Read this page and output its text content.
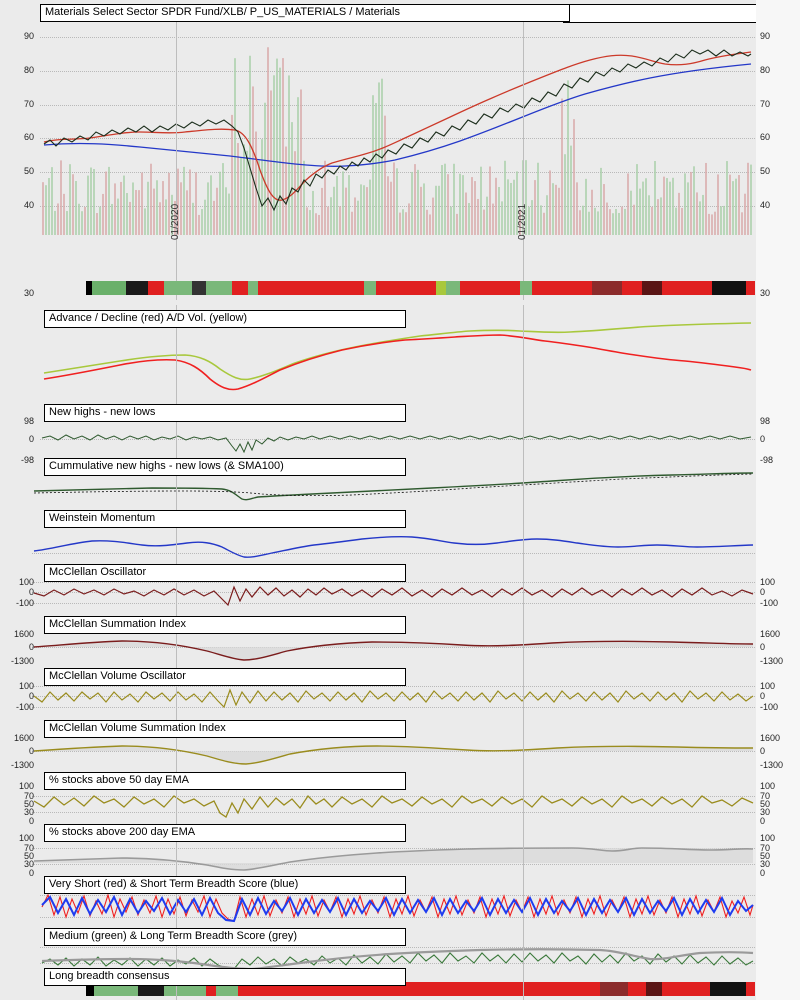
Materials Select Sector SPDR Fund/XLB/ P_US_MATERIALS / Materials
90
80
70
60
50
40
30
90
80
70
60
50
40
30
01/2020	01/2021
Advance / Decline (red) A/D Vol. (yellow)
New highs - new lows
98
0
-98
98
0
-98
Cummulative new highs - new lows (& SMA100)
Weinstein Momentum
McClellan Oscillator
100
0
-100
100
0
-100
McClellan Summation Index
1600
0
-1300
1600
0
-1300
McClellan Volume Oscillator
100
0
-100
100
0
-100
McClellan Volume Summation Index
1600
0
-1300
1600
0
-1300
% stocks above 50 day EMA
100
70
50
30
0
100
70
50
30
0
% stocks above 200 day EMA
100
70
50
30
0
100
70
50
30
0
Very Short (red) & Short Term Breadth Score (blue)
Medium (green) & Long Term Breadth Score (grey)
Long breadth consensus
